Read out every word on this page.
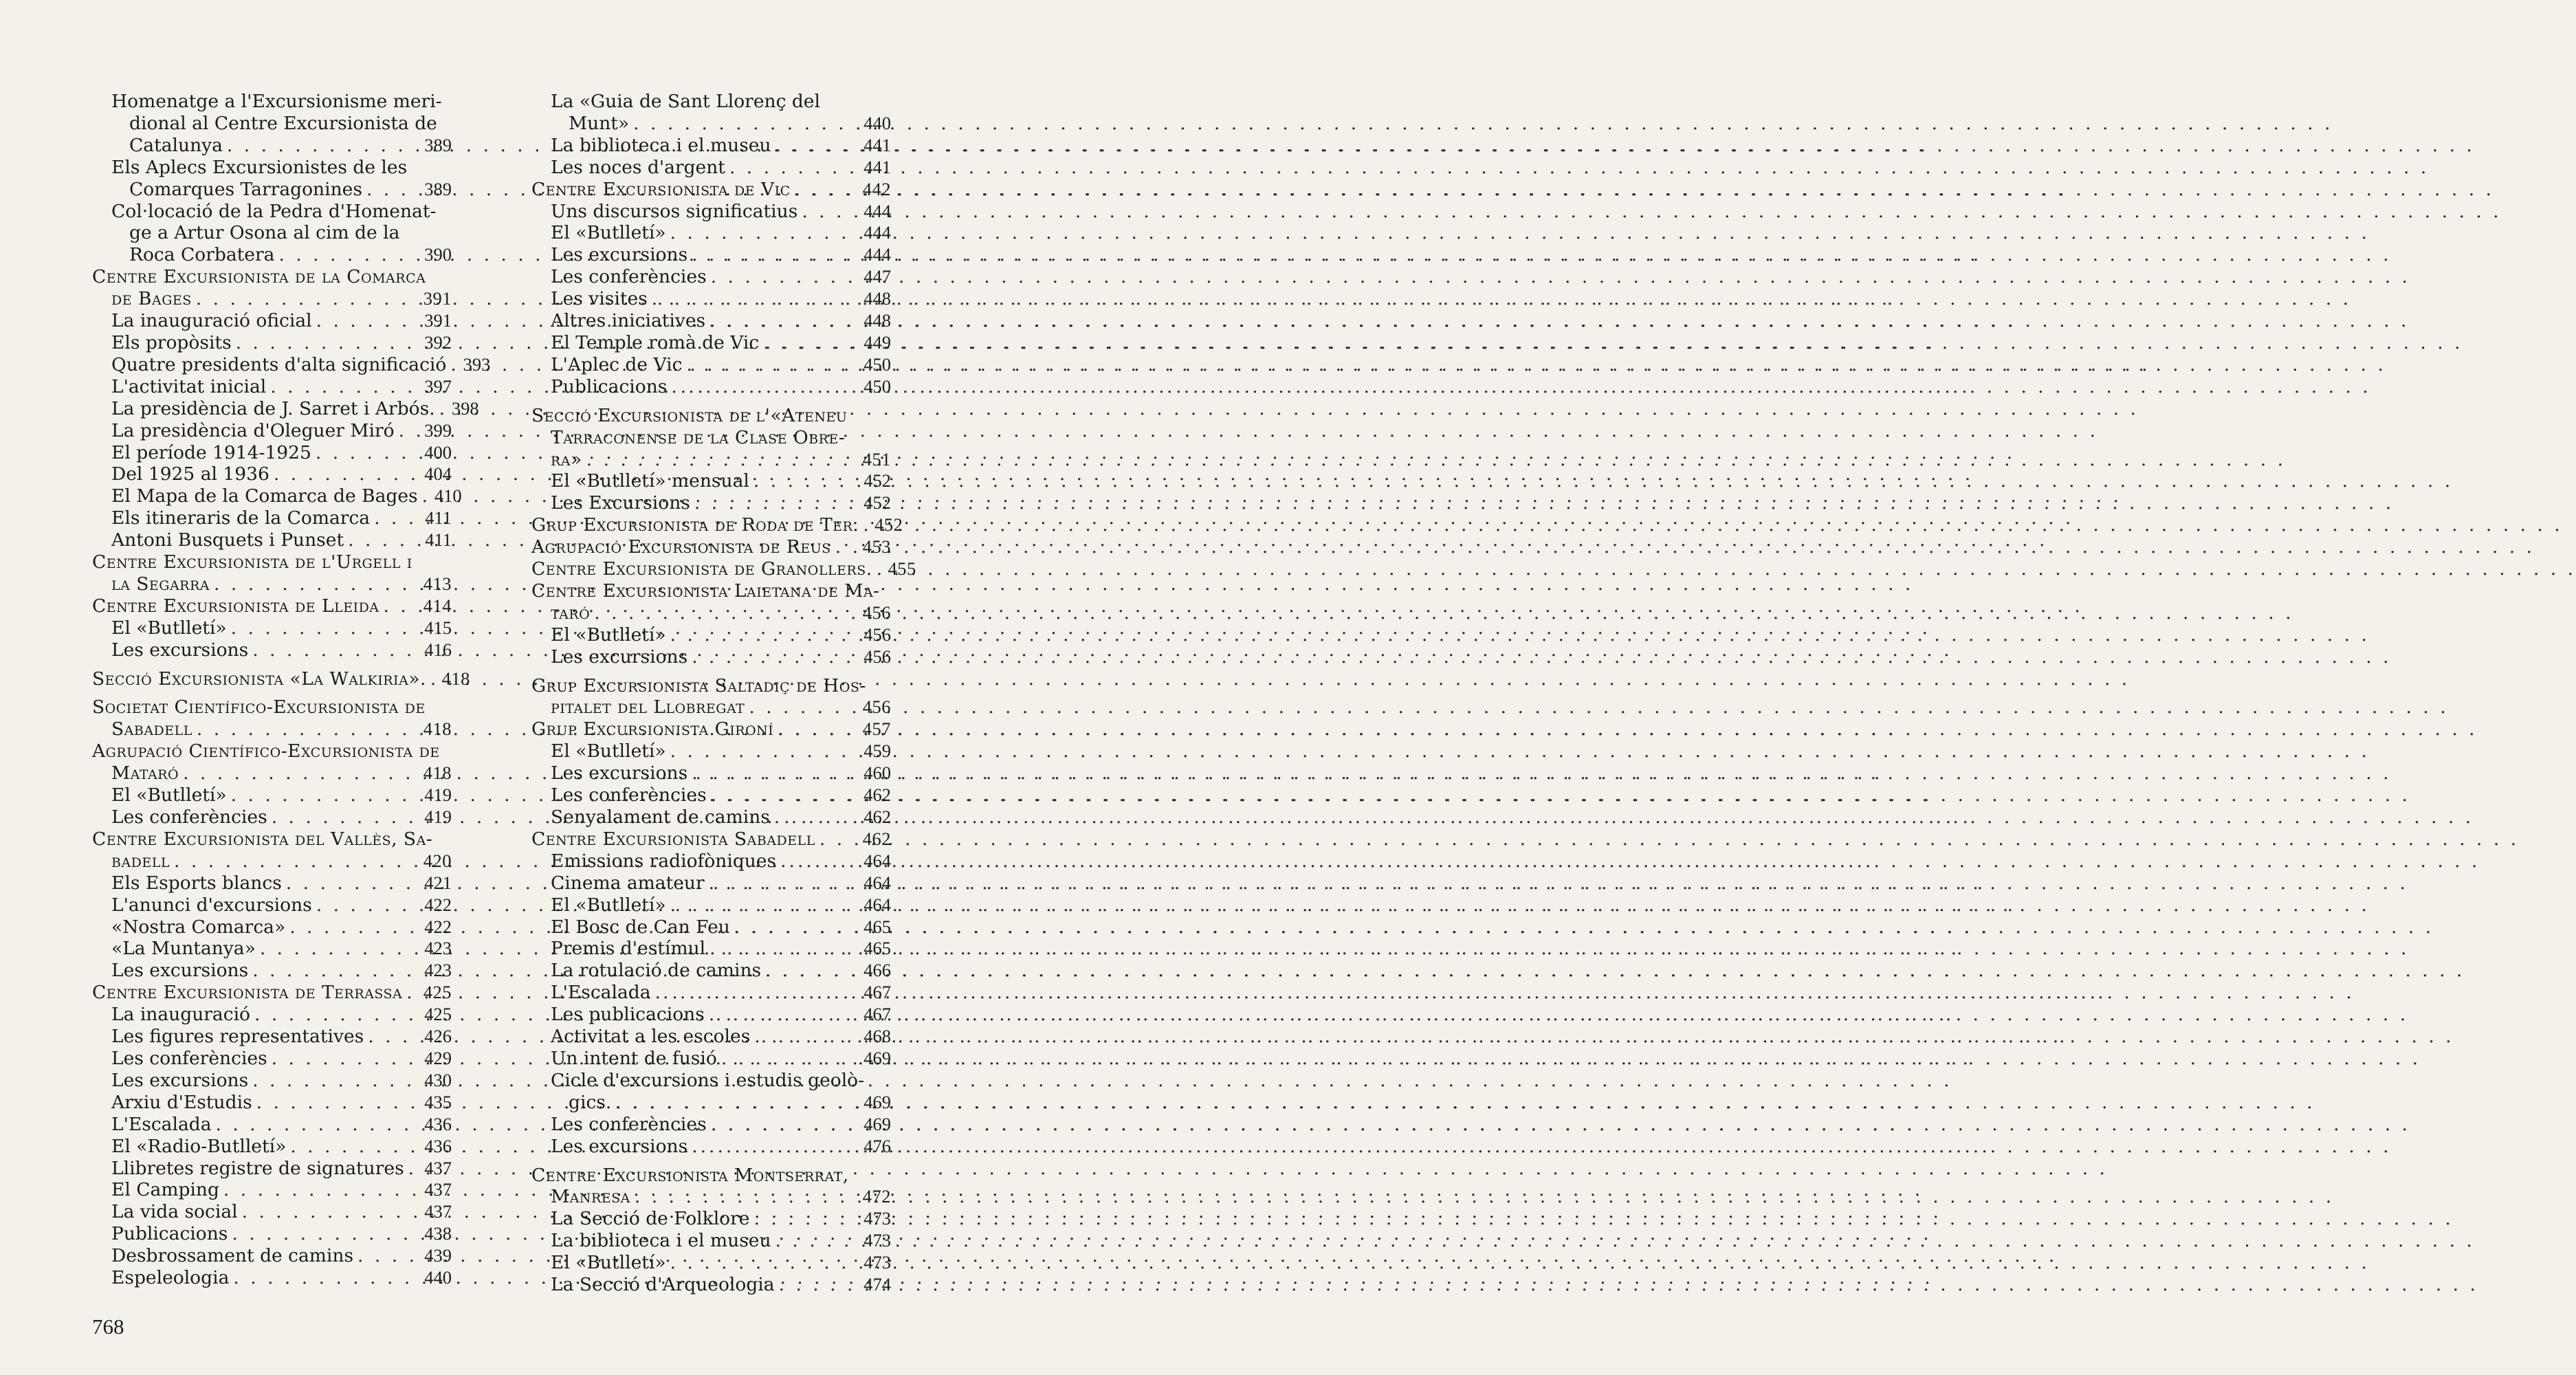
Homenatge a l'Excursionisme meri-
dional al Centre Excursionista de
Catalunya . . .	389
Els Aplecs Excursionistes de les
Comarques Tarragonines . . .	389
Col·locació de la Pedra d'Homenat-
ge a Artur Osona al cim de la
Roca Corbatera . . .	390
Centre Excursionista de la Comarca
de Bages . . .	391
La inauguració oficial . . .	391
Els propòsits . . .	392
Quatre presidents d'alta significació . . . 393
L'activitat inicial . . .	397
La presidència de J. Sarret i Arbós. . . . 398
La presidència d'Oleguer Miró . . . 399
El període 1914-1925 . . .	400
Del 1925 al 1936 . . .	404
El Mapa de la Comarca de Bages . . . 410
Els itineraris de la Comarca . . .	411
Antoni Busquets i Punset . . .	411
Centre Excursionista de l'Urgell i
la Segarra . . .	413
Centre Excursionista de Lleida . . . 414
El «Butlletí» . . .	415
Les excursions . . .	416
Secció Excursionista «La Walkiria». . . . 418
Societat Científico-Excursionista de
Sabadell . . .	418
Agrupació Científico-Excursionista de
Mataró . . .	418
El «Butlletí» . . .	419
Les conferències . . .	419
Centre Excursionista del Vallès, Sa-
badell . . .	420
Els Esports blancs . . .	421
L'anunci d'excursions . . .	422
«Nostra Comarca» . . .	422
«La Muntanya» . . .	423
Les excursions . . .	423
Centre Excursionista de Terrassa . . . 425
La inauguració . . .	425
Les figures representatives . . .	426
Les conferències . . .	429
Les excursions . . .	430
Arxiu d'Estudis . . .	435
L'Escalada . . .	436
El «Radio-Butlletí» . . .	436
Llibretes registre de signatures . . . 437
El Camping . . .	437
La vida social . . .	437
Publicacions . . .	438
Desbrossament de camins . . .	439
Espeleologia . . .	440
La «Guia de Sant Llorenç del
Munt» . . .	440
La biblioteca i el museu . . .	441
Les noces d'argent . . .	441
Centre Excursionista de Vic . . .	442
Uns discursos significatius . . .	444
El «Butlletí» . . .	444
Les excursions . . .	444
Les conferències . . .	447
Les visites . . .	448
Altres iniciatives . . .	448
El Temple romà de Vic . . .	449
L'Aplec de Vic . . .	450
Publicacions . . .	450
Secció Excursionista de l'«Ateneu
Tarraconense de la Clase Obre-
ra» . . .	451
El «Butlletí» mensual . . .	452
Les Excursions . . .	452
Grup Excursionista de Roda de Ter. . . . 452
Agrupació Excursionista de Reus . . . 453
Centre Excursionista de Granollers. . . . 455
Centre Excursionista Laietana de Ma-
taró . . .	456
El «Butlletí» . . .	456
Les excursions . . .	456
Grup Excursionista Saltadiç de Hos-
pitalet del Llobregat . . .	456
Grup Excursionista Gironí . . .	457
El «Butlletí» . . .	459
Les excursions . . .	460
Les conferències . . .	462
Senyalament de camins . . .	462
Centre Excursionista Sabadell . . .	462
Emissions radiofòniques . . .	464
Cinema amateur . . .	464
El «Butlletí» . . .	464
El Bosc de Can Feu . . .	465
Premis d'estímul . . .	465
La rotulació de camins . . .	466
L'Escalada . . .	467
Les publicacions . . .	467
Activitat a les escoles . . .	468
Un intent de fusió . . .	469
Cicle d'excursions i estudis geolò-
gics. . . .	469
Les conferències . . .	469
Les excursions . . .	476
Centre Excursionista Montserrat,
Manresa . . .	472
La Secció de Folklore . . .	473
La biblioteca i el museu . . .	473
El «Butlletí» . . .	473
La Secció d'Arqueologia . . .	474
768
